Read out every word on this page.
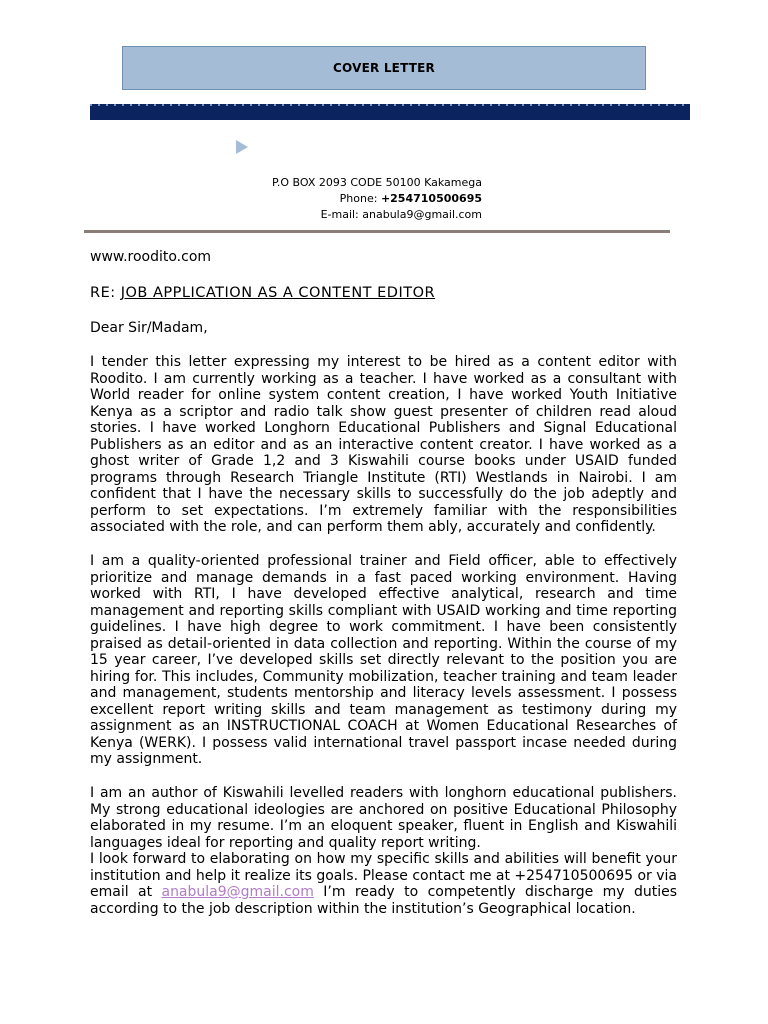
COVER LETTER
P.O BOX 2093 CODE 50100 Kakamega
Phone: +254710500695
E-mail: anabula9@gmail.com
www.roodito.com
RE: JOB APPLICATION AS A CONTENT EDITOR
Dear Sir/Madam,

I tender this letter expressing my interest to be hired as a content editor with Roodito. I am currently working as a teacher. I have worked as a consultant with World reader for online system content creation, I have worked Youth Initiative Kenya as a scriptor and radio talk show guest presenter of children read aloud stories. I have worked Longhorn Educational Publishers and Signal Educational Publishers as an editor and as an interactive content creator. I have worked as a ghost writer of Grade 1,2 and 3 Kiswahili course books under USAID funded programs through Research Triangle Institute (RTI) Westlands in Nairobi. I am confident that I have the necessary skills to successfully do the job adeptly and perform to set expectations. I’m extremely familiar with the responsibilities associated with the role, and can perform them ably, accurately and confidently.

I am a quality-oriented professional trainer and Field officer, able to effectively prioritize and manage demands in a fast paced working environment. Having worked with RTI, I have developed effective analytical, research and time management and reporting skills compliant with USAID working and time reporting guidelines. I have high degree to work commitment. I have been consistently praised as detail-oriented in data collection and reporting. Within the course of my 15 year career, I’ve developed skills set directly relevant to the position you are hiring for. This includes, Community mobilization, teacher training and team leader and management, students mentorship and literacy levels assessment. I possess excellent report writing skills and team management as testimony during my assignment as an INSTRUCTIONAL COACH at Women Educational Researches of Kenya (WERK). I possess valid international travel passport incase needed during my assignment.

I am an author of Kiswahili levelled readers with longhorn educational publishers. My strong educational ideologies are anchored on positive Educational Philosophy elaborated in my resume. I’m an eloquent speaker, fluent in English and Kiswahili languages ideal for reporting and quality report writing.

I look forward to elaborating on how my specific skills and abilities will benefit your institution and help it realize its goals. Please contact me at +254710500695 or via email at anabula9@gmail.com I’m ready to competently discharge my duties according to the job description within the institution’s Geographical location.
